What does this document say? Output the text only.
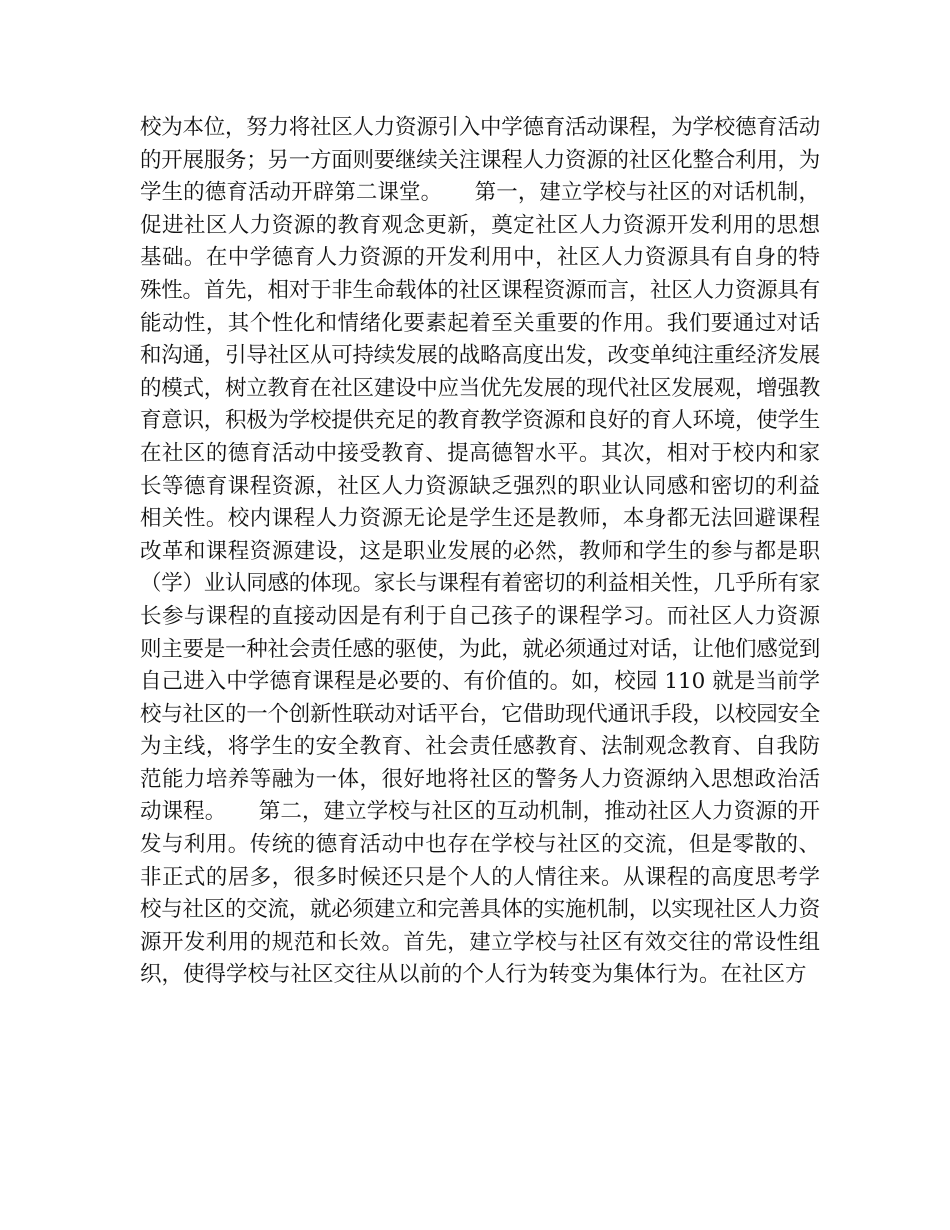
校为本位，努力将社区人力资源引入中学德育活动课程，为学校德育活动
的开展服务；另一方面则要继续关注课程人力资源的社区化整合利用，为
学生的德育活动开辟第二课堂。　　第一，建立学校与社区的对话机制，
促进社区人力资源的教育观念更新，奠定社区人力资源开发利用的思想
基础。在中学德育人力资源的开发利用中，社区人力资源具有自身的特
殊性。首先，相对于非生命载体的社区课程资源而言，社区人力资源具有
能动性，其个性化和情绪化要素起着至关重要的作用。我们要通过对话
和沟通，引导社区从可持续发展的战略高度出发，改变单纯注重经济发展
的模式，树立教育在社区建设中应当优先发展的现代社区发展观，增强教
育意识，积极为学校提供充足的教育教学资源和良好的育人环境，使学生
在社区的德育活动中接受教育、提高德智水平。其次，相对于校内和家
长等德育课程资源，社区人力资源缺乏强烈的职业认同感和密切的利益
相关性。校内课程人力资源无论是学生还是教师，本身都无法回避课程
改革和课程资源建设，这是职业发展的必然，教师和学生的参与都是职
（学）业认同感的体现。家长与课程有着密切的利益相关性，几乎所有家
长参与课程的直接动因是有利于自己孩子的课程学习。而社区人力资源
则主要是一种社会责任感的驱使，为此，就必须通过对话，让他们感觉到
自己进入中学德育课程是必要的、有价值的。如，校园 110 就是当前学
校与社区的一个创新性联动对话平台，它借助现代通讯手段，以校园安全
为主线，将学生的安全教育、社会责任感教育、法制观念教育、自我防
范能力培养等融为一体，很好地将社区的警务人力资源纳入思想政治活
动课程。　　第二，建立学校与社区的互动机制，推动社区人力资源的开
发与利用。传统的德育活动中也存在学校与社区的交流，但是零散的、
非正式的居多，很多时候还只是个人的人情往来。从课程的高度思考学
校与社区的交流，就必须建立和完善具体的实施机制，以实现社区人力资
源开发利用的规范和长效。首先，建立学校与社区有效交往的常设性组
织，使得学校与社区交往从以前的个人行为转变为集体行为。在社区方
